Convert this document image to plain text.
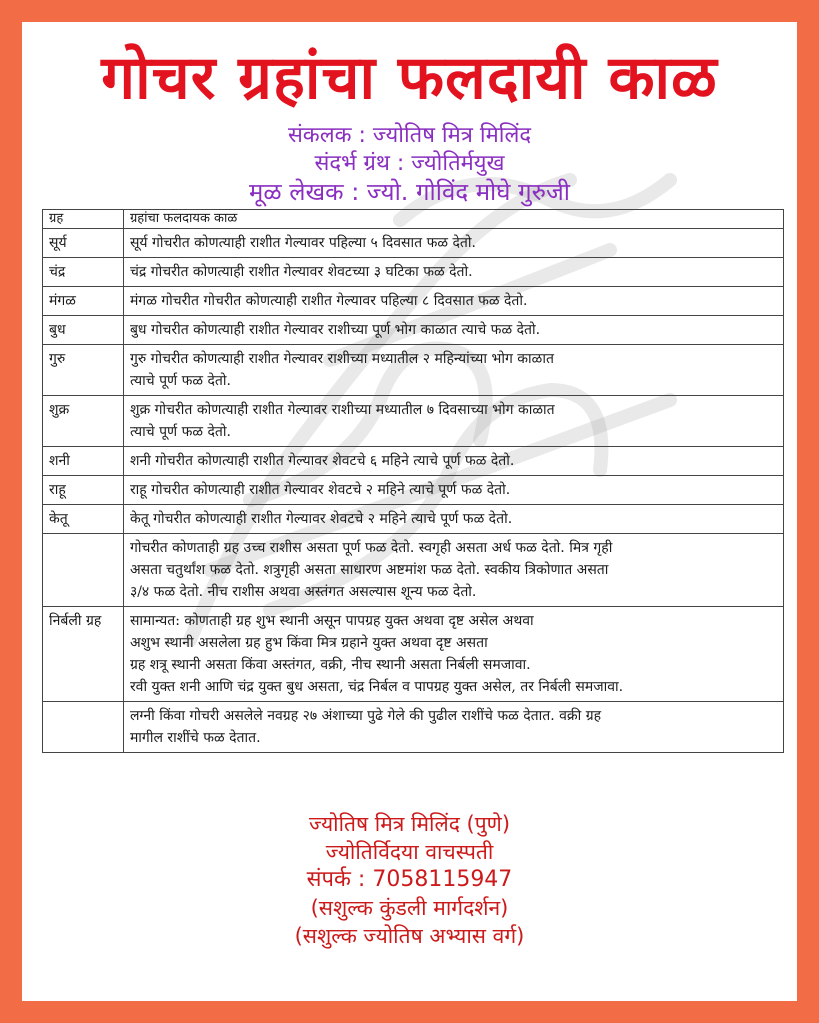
गोचर ग्रहांचा फलदायी काळ
संकलक : ज्योतिष मित्र मिलिंद
संदर्भ ग्रंथ : ज्योतिर्मयुख
मूळ लेखक : ज्यो. गोविंद मोघे गुरुजी
ग्रह	ग्रहांचा फलदायक काळ
सूर्य	सूर्य गोचरीत कोणत्याही राशीत गेल्यावर पहिल्या ५ दिवसात फळ देतो.

चंद्र	चंद्र गोचरीत कोणत्याही राशीत गेल्यावर शेवटच्या ३ घटिका फळ देतो.

मंगळ	मंगळ गोचरीत गोचरीत कोणत्याही राशीत गेल्यावर पहिल्या ८ दिवसात फळ देतो.

बुध	बुध गोचरीत कोणत्याही राशीत गेल्यावर राशीच्या पूर्ण भोग काळात त्याचे फळ देतो.

गुरु	गुरु गोचरीत कोणत्याही राशीत गेल्यावर राशीच्या मध्यातील २ महिन्यांच्या भोग काळात
त्याचे पूर्ण फळ देतो.

शुक्र	शुक्र गोचरीत कोणत्याही राशीत गेल्यावर राशीच्या मध्यातील ७ दिवसाच्या भोग काळात
त्याचे पूर्ण फळ देतो.

शनी	शनी गोचरीत कोणत्याही राशीत गेल्यावर शेवटचे ६ महिने त्याचे पूर्ण फळ देतो.

राहू	राहू गोचरीत कोणत्याही राशीत गेल्यावर शेवटचे २ महिने त्याचे पूर्ण फळ देतो.

केतू	केतू गोचरीत कोणत्याही राशीत गेल्यावर शेवटचे २ महिने त्याचे पूर्ण फळ देतो.

	गोचरीत कोणताही ग्रह उच्च राशीस असता पूर्ण फळ देतो. स्वगृही असता अर्ध फळ देतो. मित्र गृही
असता चतुर्थांश फळ देतो. शत्रुगृही असता साधारण अष्टमांश फळ देतो. स्वकीय त्रिकोणात असता
३/४ फळ देतो. नीच राशीस अथवा अस्तंगत असल्यास शून्य फळ देतो.

निर्बली ग्रह	सामान्यत: कोणताही ग्रह शुभ स्थानी असून पापग्रह युक्त अथवा दृष्ट असेल अथवा
अशुभ स्थानी असलेला ग्रह हुभ किंवा मित्र ग्रहाने युक्त अथवा दृष्ट असता
ग्रह शत्रू स्थानी असता किंवा अस्तंगत, वक्री, नीच स्थानी असता निर्बली समजावा.
रवी युक्त शनी आणि चंद्र युक्त बुध असता, चंद्र निर्बल व पापग्रह युक्त असेल, तर निर्बली समजावा.

	लग्नी किंवा गोचरी असलेले नवग्रह २७ अंशाच्या पुढे गेले की पुढील राशींचे फळ देतात. वक्री ग्रह
मागील राशींचे फळ देतात.
ज्योतिष मित्र मिलिंद (पुणे)
ज्योतिर्विदया वाचस्पती
संपर्क : 7058115947
(सशुल्क कुंडली मार्गदर्शन)
(सशुल्क ज्योतिष अभ्यास वर्ग)
